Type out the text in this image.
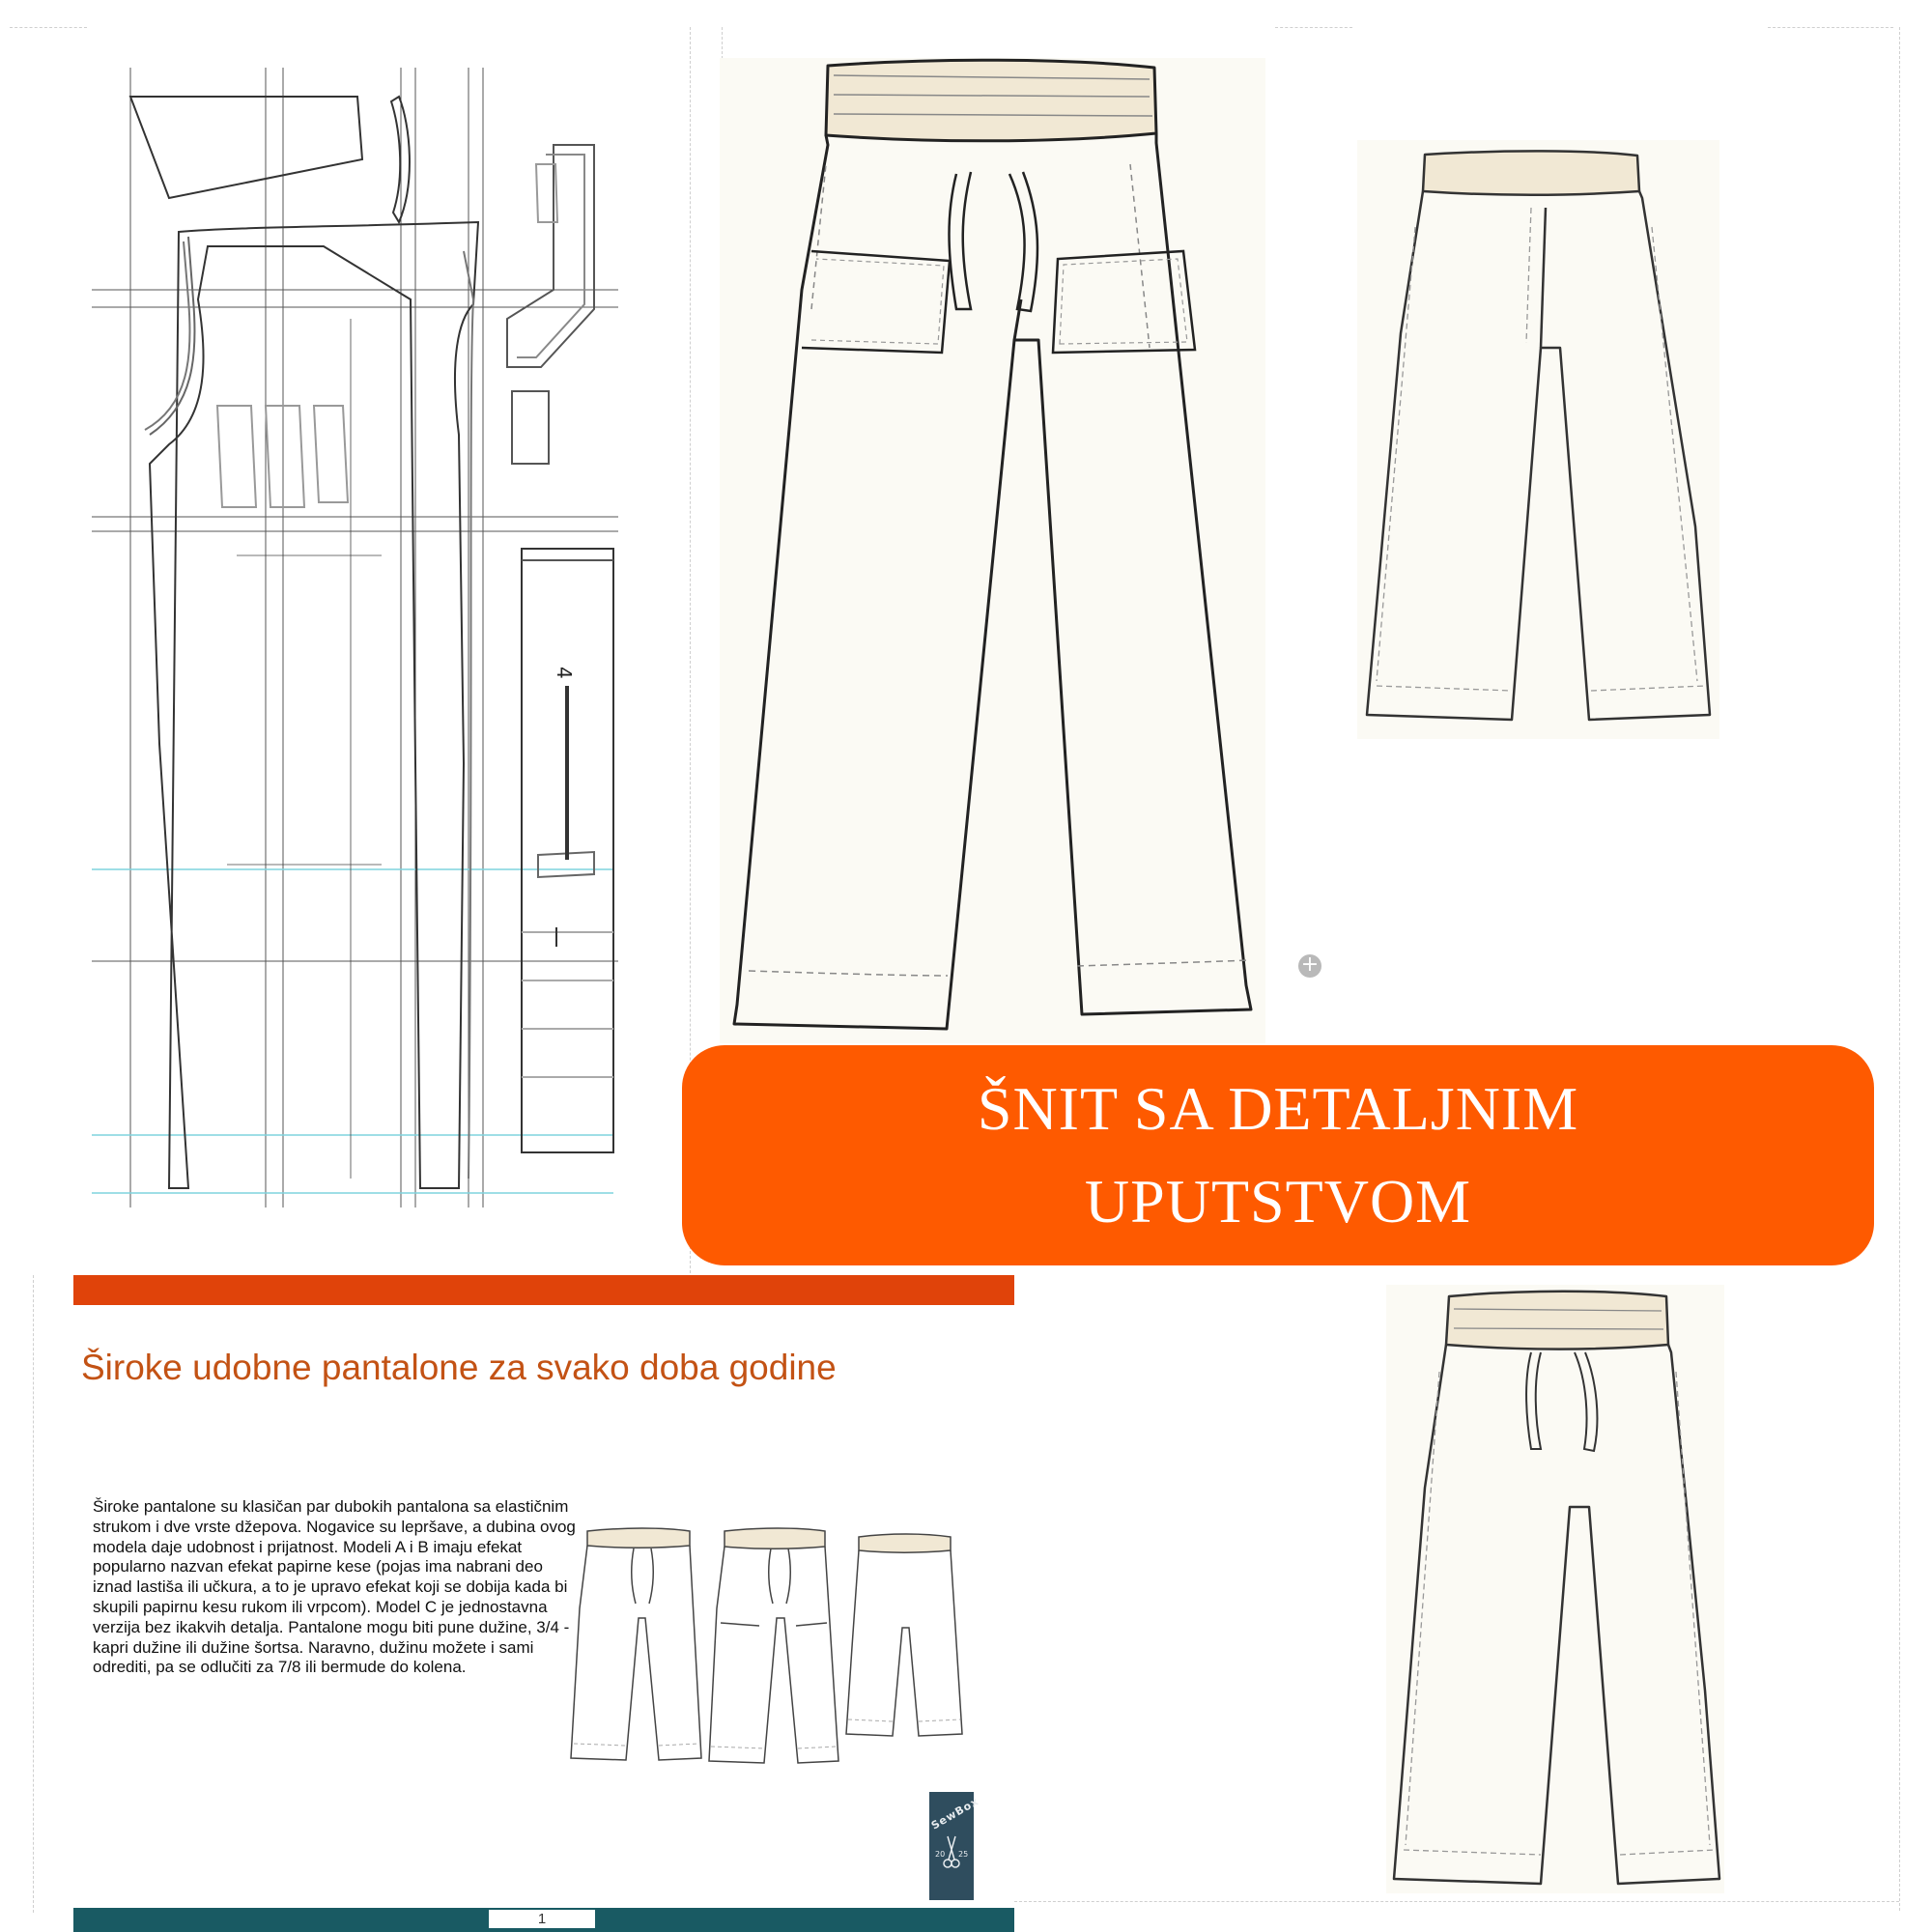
4
+
ŠNIT SA DETALJNIM
UPUTSTVOM
Široke udobne pantalone za svako doba godine
Široke pantalone su klasičan par dubokih pantalona sa elastičnim strukom i dve vrste džepova. Nogavice su lepršave, a dubina ovog modela daje udobnost i prijatnost. Modeli A i B imaju efekat popularno nazvan efekat papirne kese (pojas ima nabrani deo iznad lastiša ili učkura, a to je upravo efekat koji se dobija kada bi skupili papirnu kesu rukom ili vrpcom). Model C je jednostavna verzija bez ikakvih detalja. Pantalone mogu biti pune dužine, 3/4 - kapri dužine ili dužine šortsa. Naravno, dužinu možete i sami odrediti, pa se odlučiti za 7/8 ili bermude do kolena.
SewBox
20 25
1
